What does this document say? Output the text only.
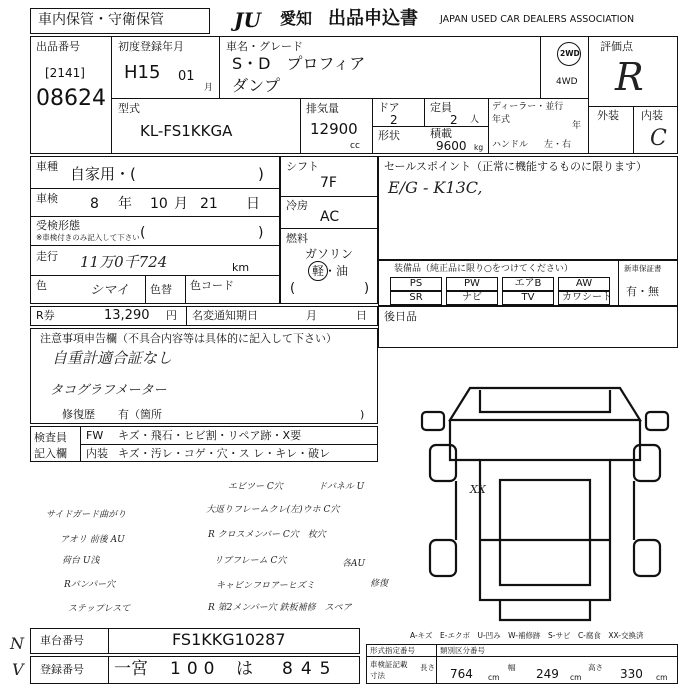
車内保管・守衛保管	JU	愛知 出品申込書 JAPAN USED CAR DEALERS ASSOCIATION
出品番号
[2141]
08624
初度登録年月
H15 01
月
車名・グレード
S・D　プロフィア
ダンプ
2WD
4WD
評価点
R
外装 内装
C
型式
KL-FS1KKGA
排気量
12900
cc
ドア
2
定員
2 人
形状	積載
9600 kg
ディーラー・並行
年式
年
ハンドル 左・右
車種 自家用・(	)
車検 8 年 10 月 21 日
受検形態
※車検付きのみ記入して下さい (	)
走行 11万0千724	km
色	シマイ 色替 色コード
シフト
7F
冷房
AC
燃料
ガソリン
軽・油
(	)
セールスポイント（正常に機能するものに限ります）
E/G - K13C,
装備品（純正品に限り○をつけてください）
PS	PW	エアB	AW
SR	ナビ	TV	カワシート
新車保証書
有・無
R券	13,290 円 名変通知期日	月	日 後日品
注意事項申告欄（不具合内容等は具体的に記入して下さい）
自重計適合証なし
タコグラフメーター
修復歴 有（箇所	)
検査員
記入欄
FW キズ・飛石・ヒビ割・リペア跡・X要
内装 キズ・汚レ・コゲ・穴・ス レ・キレ・破レ
エビツー C穴	ドバネル U
サイドガード曲がり	大返りフレームクレ(左)ウホ C穴
アオリ 前後 AU	R クロスメンバー C穴　枚穴
荷台 U浅	リブフレーム C穴	各AU
Rバンパー穴	キャビンフロアーヒズミ	修復
ステップレスて	R 第2メンバー穴 鉄板補修　スペア
XX
A-キズ　E-エクボ　U-凹み　W-補修跡　S-サビ　C-腐食　XX-交換済
車台番号	FS1KKG10287
登録番号 一宮 100 は 845
形式指定番号	類別区分番号
車検証記載
寸法
長さ 764 cm
幅 249 cm
高さ 330 cm
N
V
